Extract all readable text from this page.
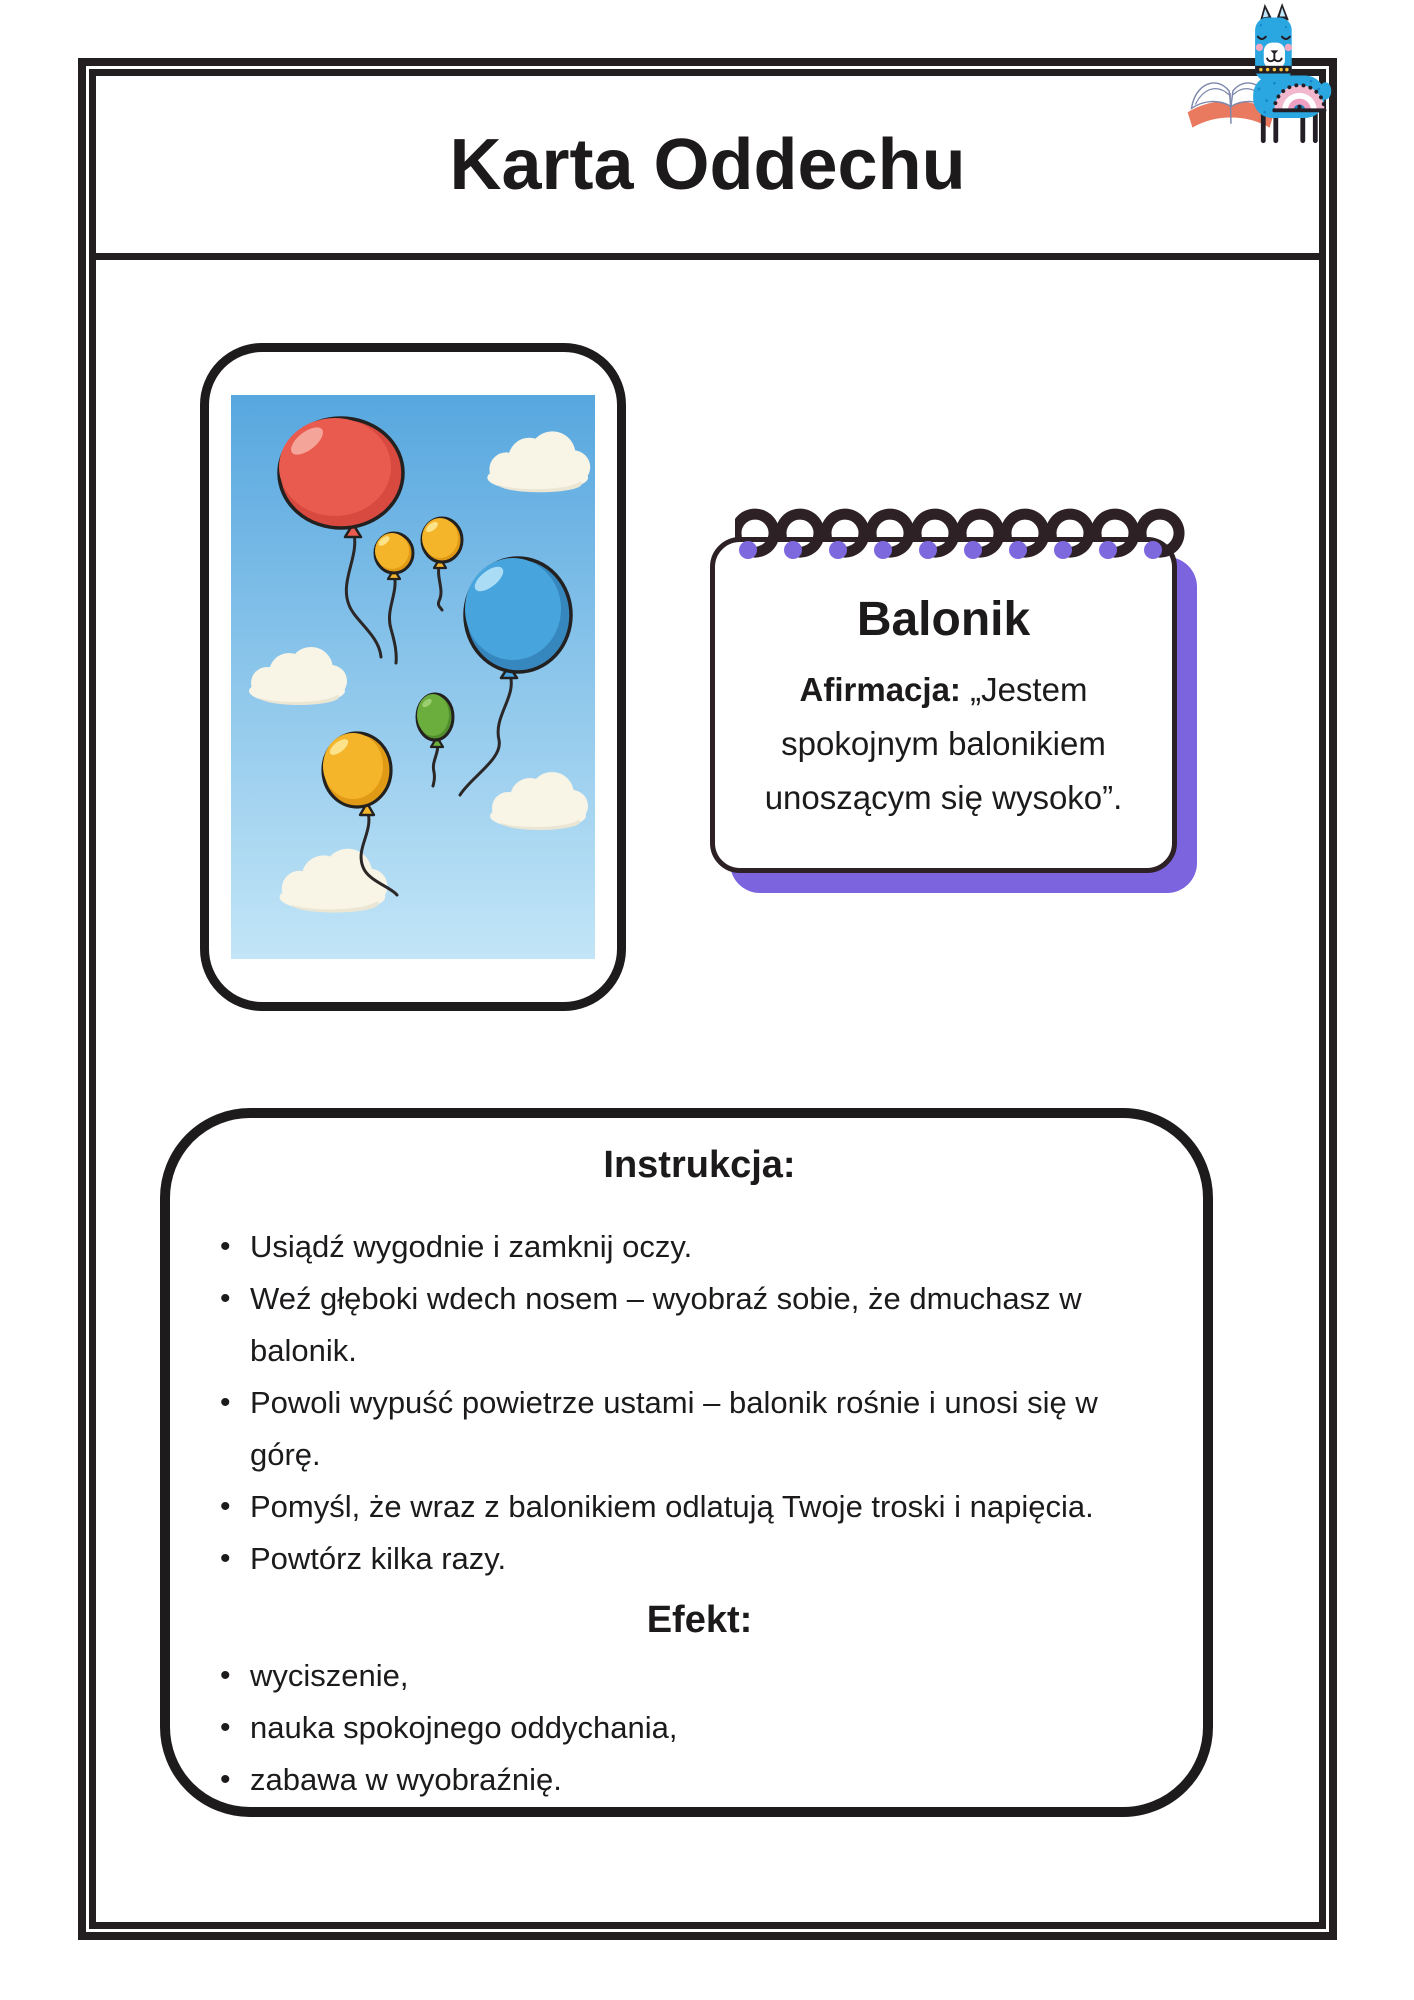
Karta Oddechu
Balonik

Afirmacja: „Jestem spokojnym balonikiem unoszącym się wysoko”.

Instrukcja:
• Usiądź wygodnie i zamknij oczy.
• Weź głęboki wdech nosem – wyobraź sobie, że dmuchasz w balonik.
• Powoli wypuść powietrze ustami – balonik rośnie i unosi się w górę.
• Pomyśl, że wraz z balonikiem odlatują Twoje troski i napięcia.
• Powtórz kilka razy.
Efekt:
• wyciszenie,
• nauka spokojnego oddychania,
• zabawa w wyobraźnię.
